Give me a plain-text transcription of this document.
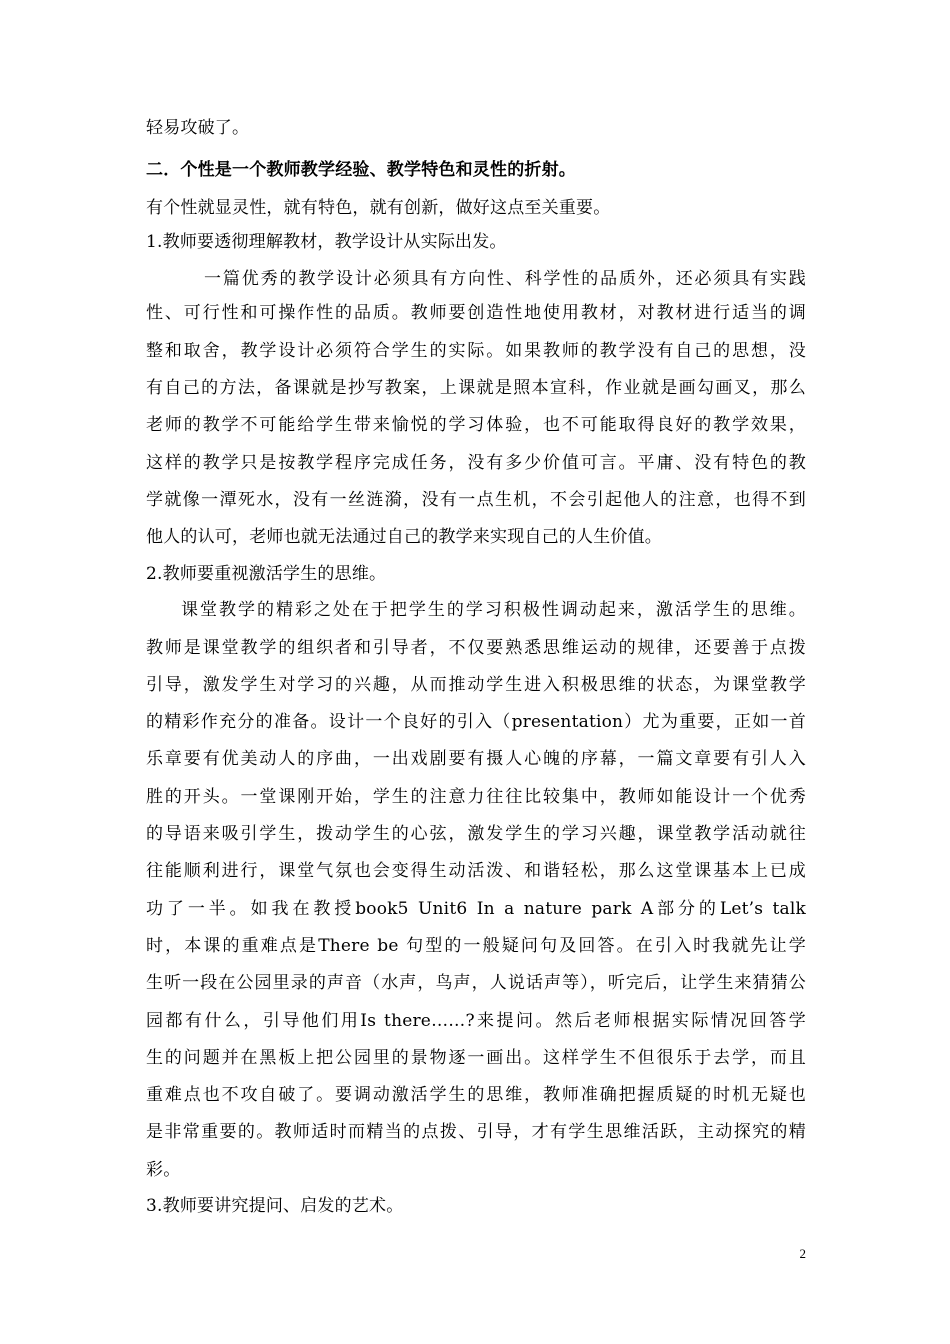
轻易攻破了。
二．个性是一个教师教学经验、教学特色和灵性的折射。
有个性就显灵性，就有特色，就有创新，做好这点至关重要。
1.教师要透彻理解教材，教学设计从实际出发。
一篇优秀的教学设计必须具有方向性、科学性的品质外，还必须具有实践
性、可行性和可操作性的品质。教师要创造性地使用教材，对教材进行适当的调
整和取舍，教学设计必须符合学生的实际。如果教师的教学没有自己的思想，没
有自己的方法，备课就是抄写教案，上课就是照本宣科，作业就是画勾画叉，那么
老师的教学不可能给学生带来愉悦的学习体验，也不可能取得良好的教学效果，
这样的教学只是按教学程序完成任务，没有多少价值可言。平庸、没有特色的教
学就像一潭死水，没有一丝涟漪，没有一点生机，不会引起他人的注意，也得不到
他人的认可，老师也就无法通过自己的教学来实现自己的人生价值。
2.教师要重视激活学生的思维。
课堂教学的精彩之处在于把学生的学习积极性调动起来，激活学生的思维。
教师是课堂教学的组织者和引导者，不仅要熟悉思维运动的规律，还要善于点拨
引导，激发学生对学习的兴趣，从而推动学生进入积极思维的状态，为课堂教学
的精彩作充分的准备。设计一个良好的引入（presentation）尤为重要，正如一首
乐章要有优美动人的序曲，一出戏剧要有摄人心魄的序幕，一篇文章要有引人入
胜的开头。一堂课刚开始，学生的注意力往往比较集中，教师如能设计一个优秀
的导语来吸引学生，拨动学生的心弦，激发学生的学习兴趣，课堂教学活动就往
往能顺利进行，课堂气氛也会变得生动活泼、和谐轻松，那么这堂课基本上已成
功了一半。如我在教授book5 Unit6 In a nature park A部分的Let’s talk
时，本课的重难点是There be 句型的一般疑问句及回答。在引入时我就先让学
生听一段在公园里录的声音（水声，鸟声，人说话声等），听完后，让学生来猜猜公
园都有什么，引导他们用Is there……?来提问。然后老师根据实际情况回答学
生的问题并在黑板上把公园里的景物逐一画出。这样学生不但很乐于去学，而且
重难点也不攻自破了。要调动激活学生的思维，教师准确把握质疑的时机无疑也
是非常重要的。教师适时而精当的点拨、引导，才有学生思维活跃，主动探究的精
彩。
3.教师要讲究提问、启发的艺术。
2
